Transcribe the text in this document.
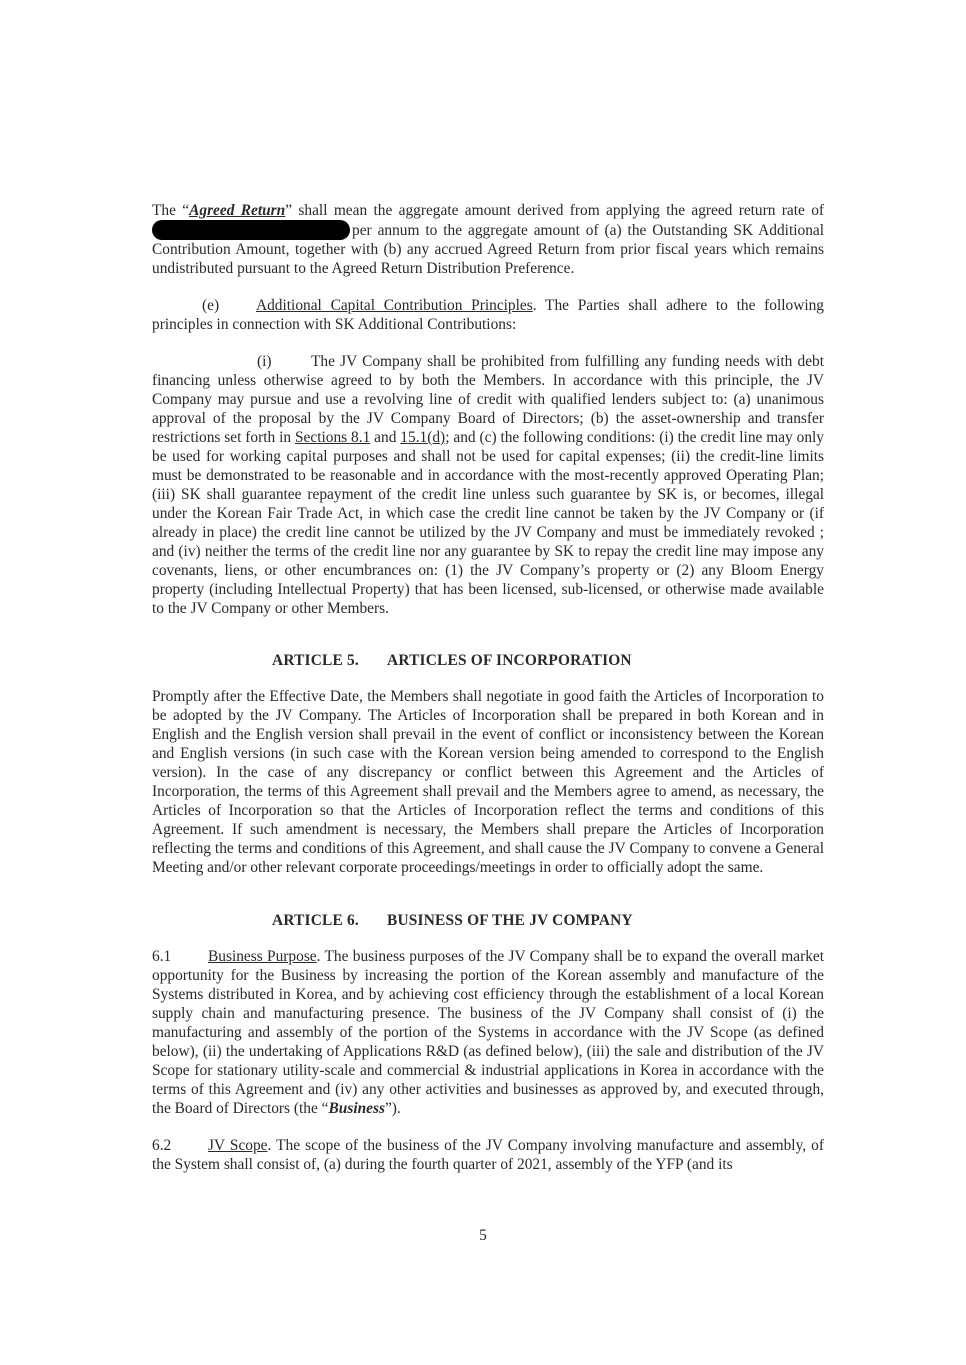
The “Agreed Return” shall mean the aggregate amount derived from applying the agreed return rate of per annum to the aggregate amount of (a) the Outstanding SK Additional Contribution Amount, together with (b) any accrued Agreed Return from prior fiscal years which remains undistributed pursuant to the Agreed Return Distribution Preference.

(e) Additional Capital Contribution Principles. The Parties shall adhere to the following principles in connection with SK Additional Contributions:

(i)	The JV Company shall be prohibited from fulfilling any funding needs with debt financing unless otherwise agreed to by both the Members. In accordance with this principle, the JV Company may pursue and use a revolving line of credit with qualified lenders subject to: (a) unanimous approval of the proposal by the JV Company Board of Directors; (b) the asset-ownership and transfer restrictions set forth in Sections 8.1 and 15.1(d); and (c) the following conditions: (i) the credit line may only be used for working capital purposes and shall not be used for capital expenses; (ii) the credit-line limits must be demonstrated to be reasonable and in accordance with the most-recently approved Operating Plan; (iii) SK shall guarantee repayment of the credit line unless such guarantee by SK is, or becomes, illegal under the Korean Fair Trade Act, in which case the credit line cannot be taken by the JV Company or (if already in place) the credit line cannot be utilized by the JV Company and must be immediately revoked ; and (iv) neither the terms of the credit line nor any guarantee by SK to repay the credit line may impose any covenants, liens, or other encumbrances on: (1) the JV Company’s property or (2) any Bloom Energy property (including Intellectual Property) that has been licensed, sub-licensed, or otherwise made available to the JV Company or other Members.

ARTICLE 5. ARTICLES OF INCORPORATION

Promptly after the Effective Date, the Members shall negotiate in good faith the Articles of Incorporation to be adopted by the JV Company. The Articles of Incorporation shall be prepared in both Korean and in English and the English version shall prevail in the event of conflict or inconsistency between the Korean and English versions (in such case with the Korean version being amended to correspond to the English version). In the case of any discrepancy or conflict between this Agreement and the Articles of Incorporation, the terms of this Agreement shall prevail and the Members agree to amend, as necessary, the Articles of Incorporation so that the Articles of Incorporation reflect the terms and conditions of this Agreement. If such amendment is necessary, the Members shall prepare the Articles of Incorporation reflecting the terms and conditions of this Agreement, and shall cause the JV Company to convene a General Meeting and/or other relevant corporate proceedings/meetings in order to officially adopt the same.

ARTICLE 6. BUSINESS OF THE JV COMPANY

6.1 Business Purpose. The business purposes of the JV Company shall be to expand the overall market opportunity for the Business by increasing the portion of the Korean assembly and manufacture of the Systems distributed in Korea, and by achieving cost efficiency through the establishment of a local Korean supply chain and manufacturing presence. The business of the JV Company shall consist of (i) the manufacturing and assembly of the portion of the Systems in accordance with the JV Scope (as defined below), (ii) the undertaking of Applications R&D (as defined below), (iii) the sale and distribution of the JV Scope for stationary utility-scale and commercial & industrial applications in Korea in accordance with the terms of this Agreement and (iv) any other activities and businesses as approved by, and executed through, the Board of Directors (the “Business”).

6.2 JV Scope. The scope of the business of the JV Company involving manufacture and assembly, of the System shall consist of, (a) during the fourth quarter of 2021, assembly of the YFP (and its

5
